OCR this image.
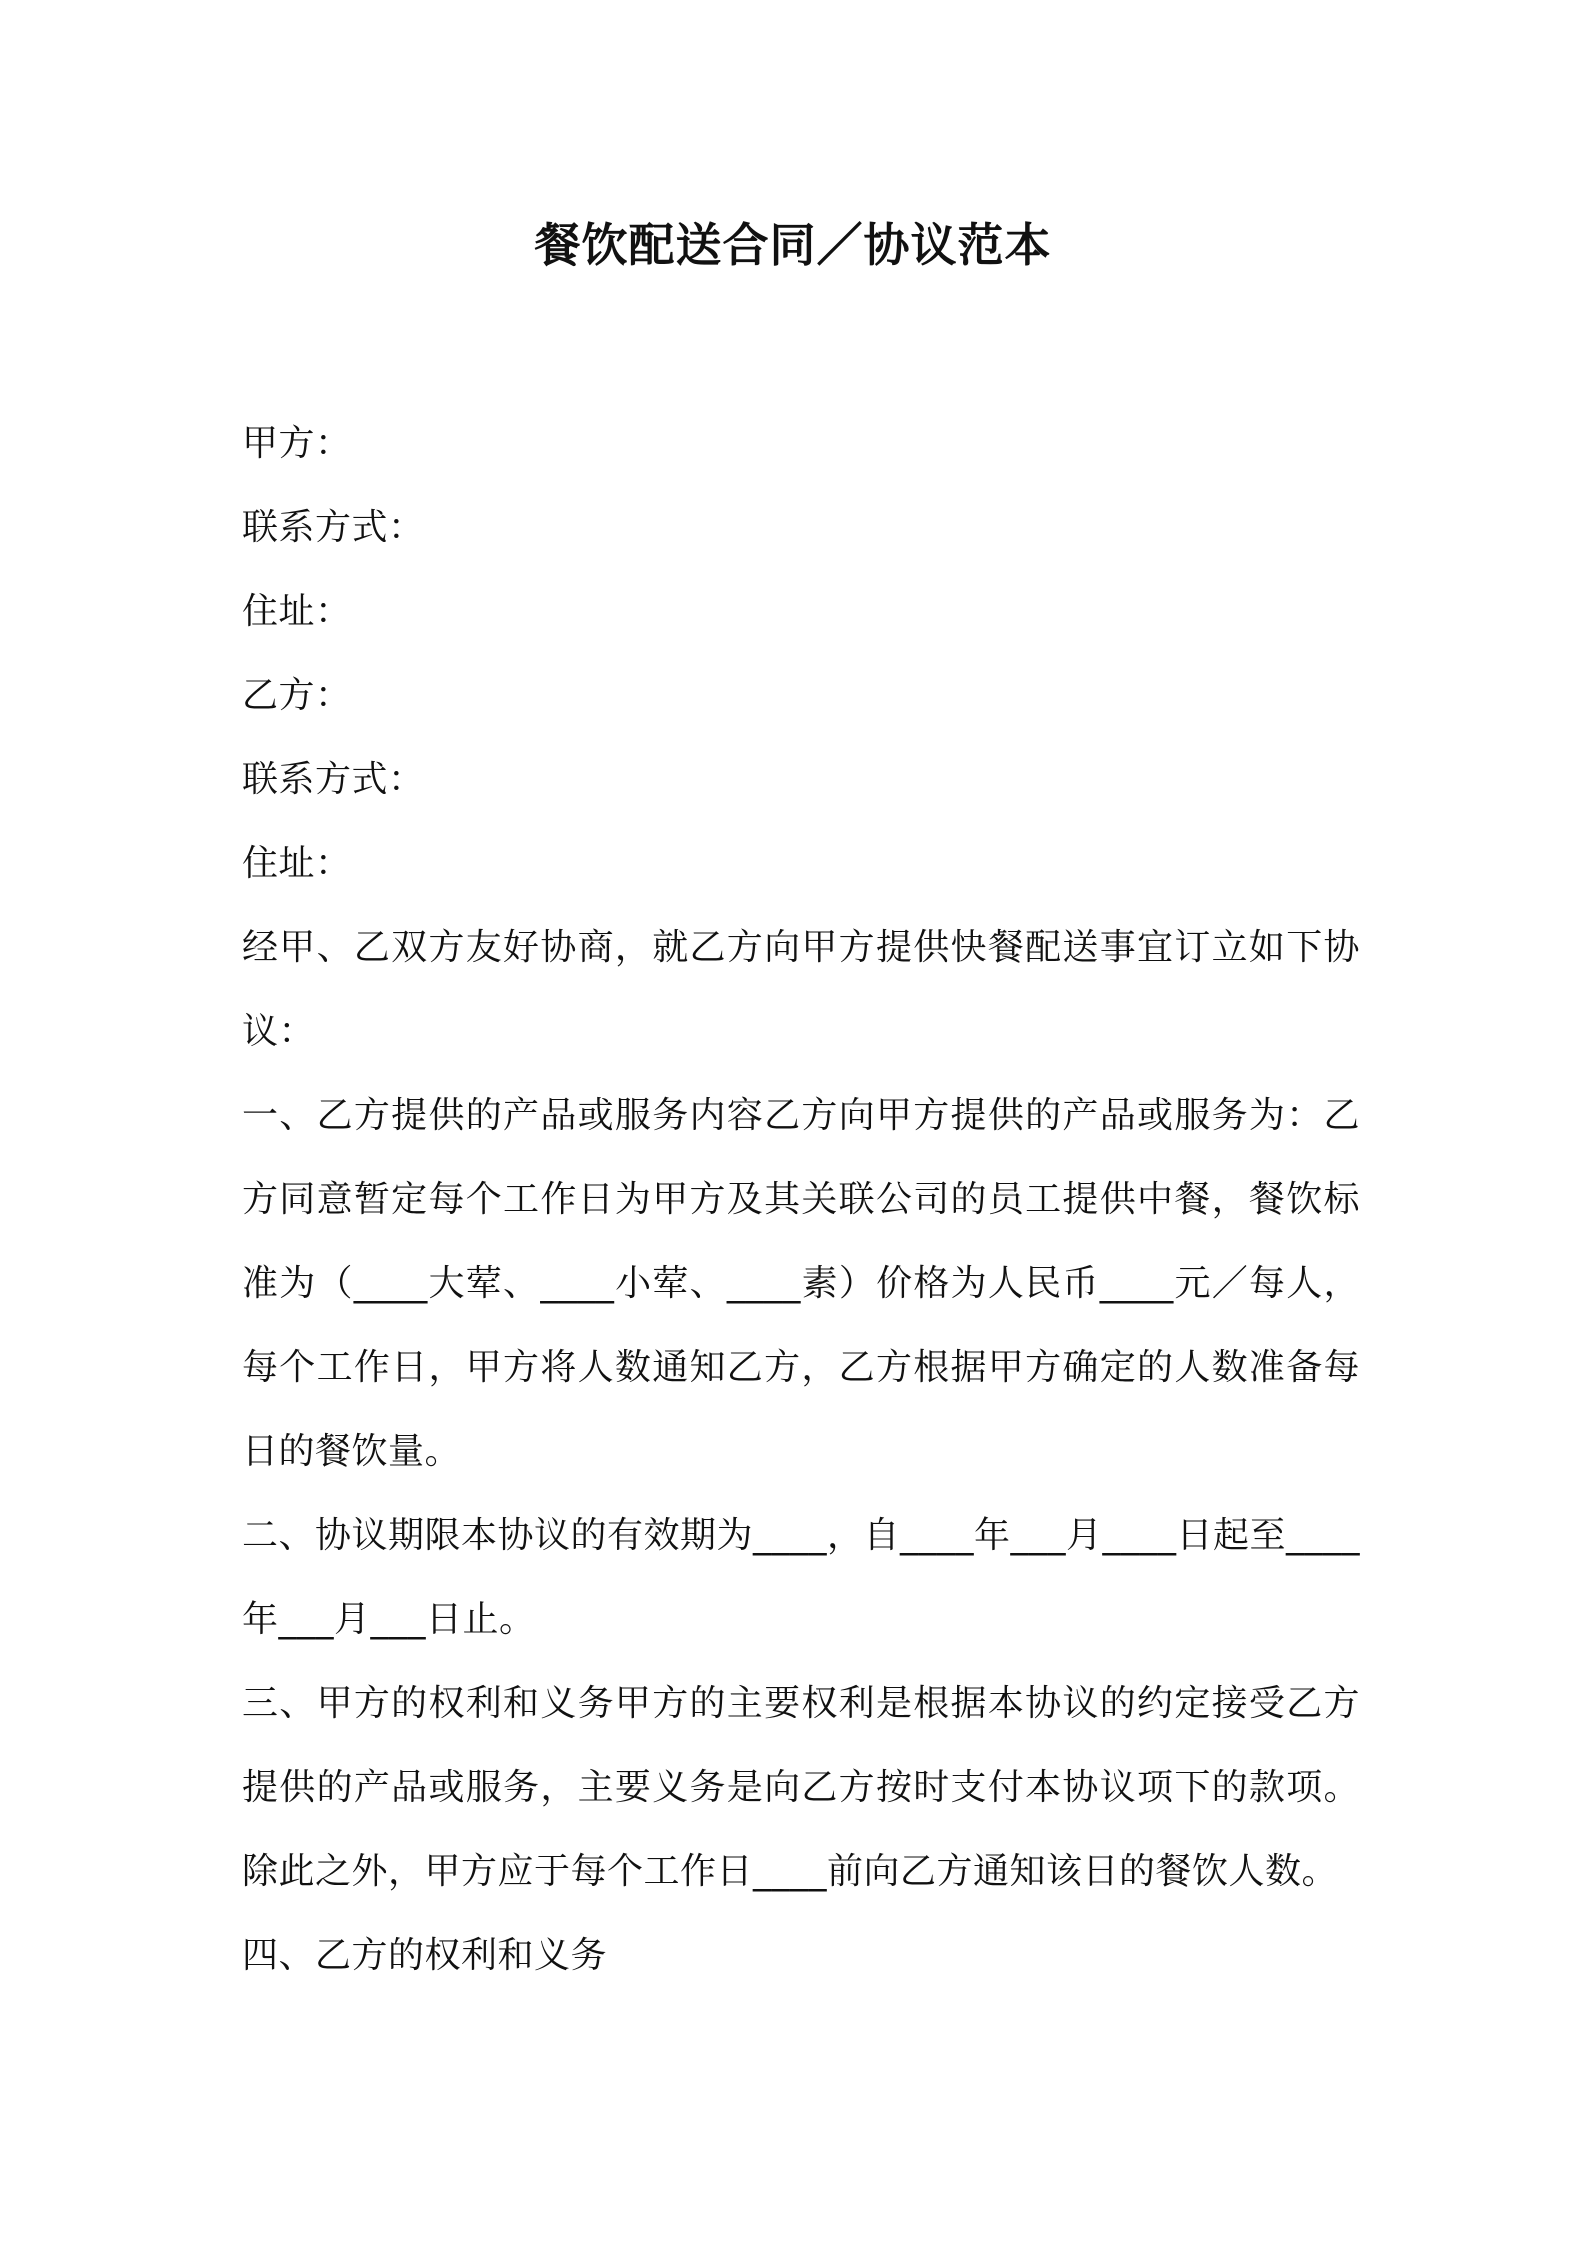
餐饮配送合同／协议范本
甲方：
联系方式：
住址：
乙方：
联系方式：
住址：
经甲、乙双方友好协商，就乙方向甲方提供快餐配送事宜订立如下协议：
一、乙方提供的产品或服务内容乙方向甲方提供的产品或服务为：乙方同意暂定每个工作日为甲方及其关联公司的员工提供中餐，餐饮标准为（____大荤、____小荤、____素）价格为人民币____元／每人，每个工作日，甲方将人数通知乙方，乙方根据甲方确定的人数准备每日的餐饮量。
二、协议期限本协议的有效期为____，自____年___月____日起至____年___月___日止。
三、甲方的权利和义务甲方的主要权利是根据本协议的约定接受乙方提供的产品或服务，主要义务是向乙方按时支付本协议项下的款项。除此之外，甲方应于每个工作日____前向乙方通知该日的餐饮人数。
四、乙方的权利和义务
